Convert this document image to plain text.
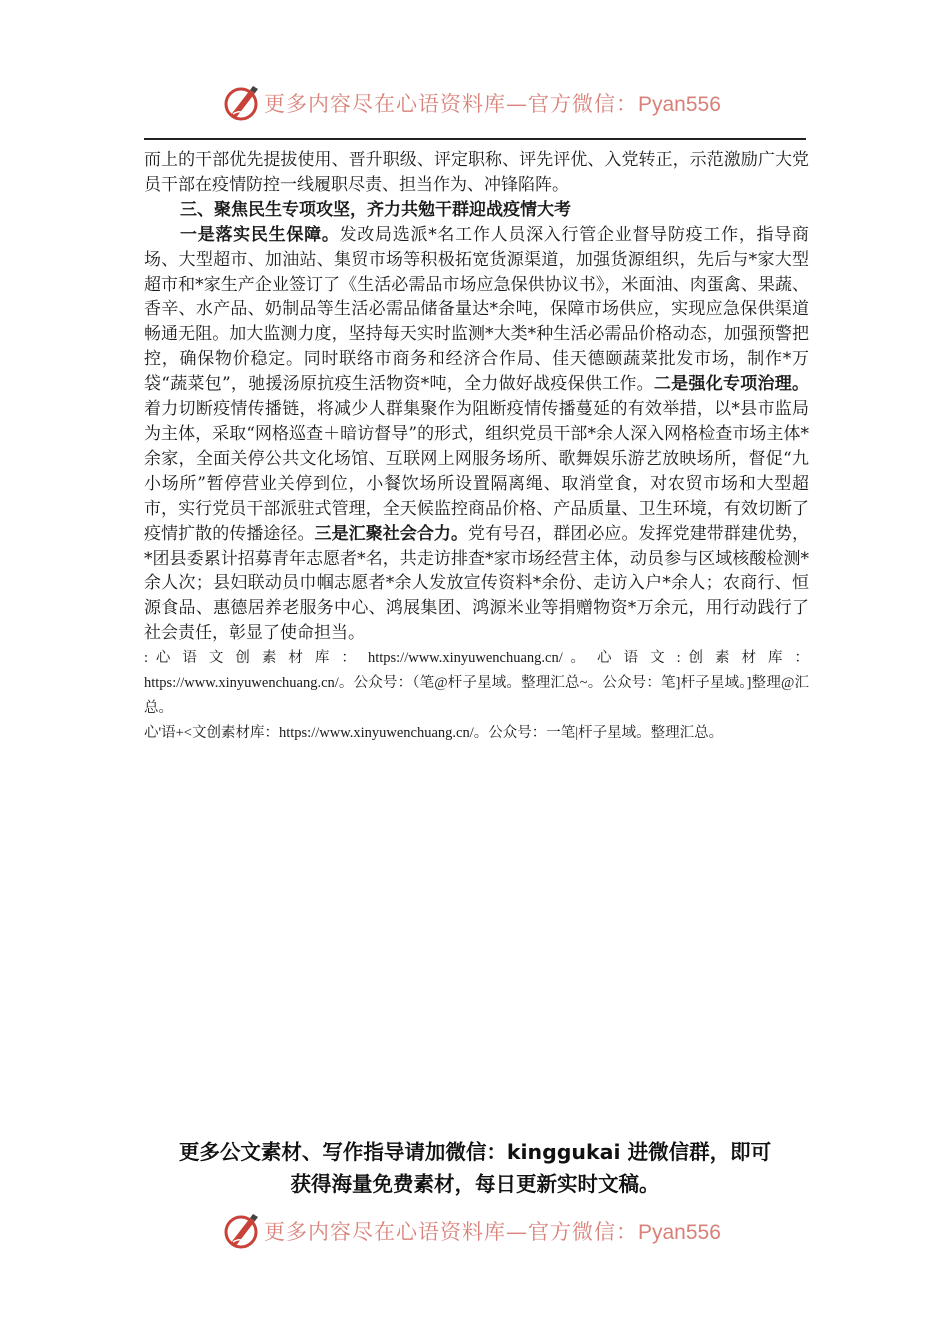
更多内容尽在心语资料库—官方微信：Pyan556

而上的干部优先提拔使用、晋升职级、评定职称、评先评优、入党转正，示范激励广大党员干部在疫情防控一线履职尽责、担当作为、冲锋陷阵。

三、聚焦民生专项攻坚，齐力共勉干群迎战疫情大考

一是落实民生保障。发改局选派*名工作人员深入行管企业督导防疫工作，指导商场、大型超市、加油站、集贸市场等积极拓宽货源渠道，加强货源组织，先后与*家大型超市和*家生产企业签订了《生活必需品市场应急保供协议书》，米面油、肉蛋禽、果蔬、香辛、水产品、奶制品等生活必需品储备量达*余吨，保障市场供应，实现应急保供渠道畅通无阻。加大监测力度，坚持每天实时监测*大类*种生活必需品价格动态，加强预警把控，确保物价稳定。同时联络市商务和经济合作局、佳天德颐蔬菜批发市场，制作*万袋“蔬菜包”，驰援汤原抗疫生活物资*吨，全力做好战疫保供工作。二是强化专项治理。着力切断疫情传播链，将减少人群集聚作为阻断疫情传播蔓延的有效举措，以*县市监局为主体，采取“网格巡查＋暗访督导”的形式，组织党员干部*余人深入网格检查市场主体*余家，全面关停公共文化场馆、互联网上网服务场所、歌舞娱乐游艺放映场所，督促“九小场所”暂停营业关停到位，小餐饮场所设置隔离绳、取消堂食，对农贸市场和大型超市，实行党员干部派驻式管理，全天候监控商品价格、产品质量、卫生环境，有效切断了疫情扩散的传播途径。三是汇聚社会合力。党有号召，群团必应。发挥党建带群建优势，*团县委累计招募青年志愿者*名，共走访排查*家市场经营主体，动员参与区域核酸检测*余人次；县妇联动员巾帼志愿者*余人发放宣传资料*余份、走访入户*余人；农商行、恒源食品、惠德居养老服务中心、鸿展集团、鸿源米业等捐赠物资*万余元，用行动践行了社会责任，彰显了使命担当。

: 心 语 文 创 素 材 库 ： https://www.xinyuwenchuang.cn/ 。 心 语 文 : 创 素 材 库 ： https://www.xinyuwenchuang.cn/。公众号：（笔@杆子星域。整理汇总~。公众号：笔]杆子星域。]整理@汇总。

心'语+<文创素材库：https://www.xinyuwenchuang.cn/。公众号：一笔|杆子星域。整理汇总。

更多公文素材、写作指导请加微信：kinggukai 进微信群，即可
获得海量免费素材，每日更新实时文稿。
更多内容尽在心语资料库—官方微信：Pyan556
